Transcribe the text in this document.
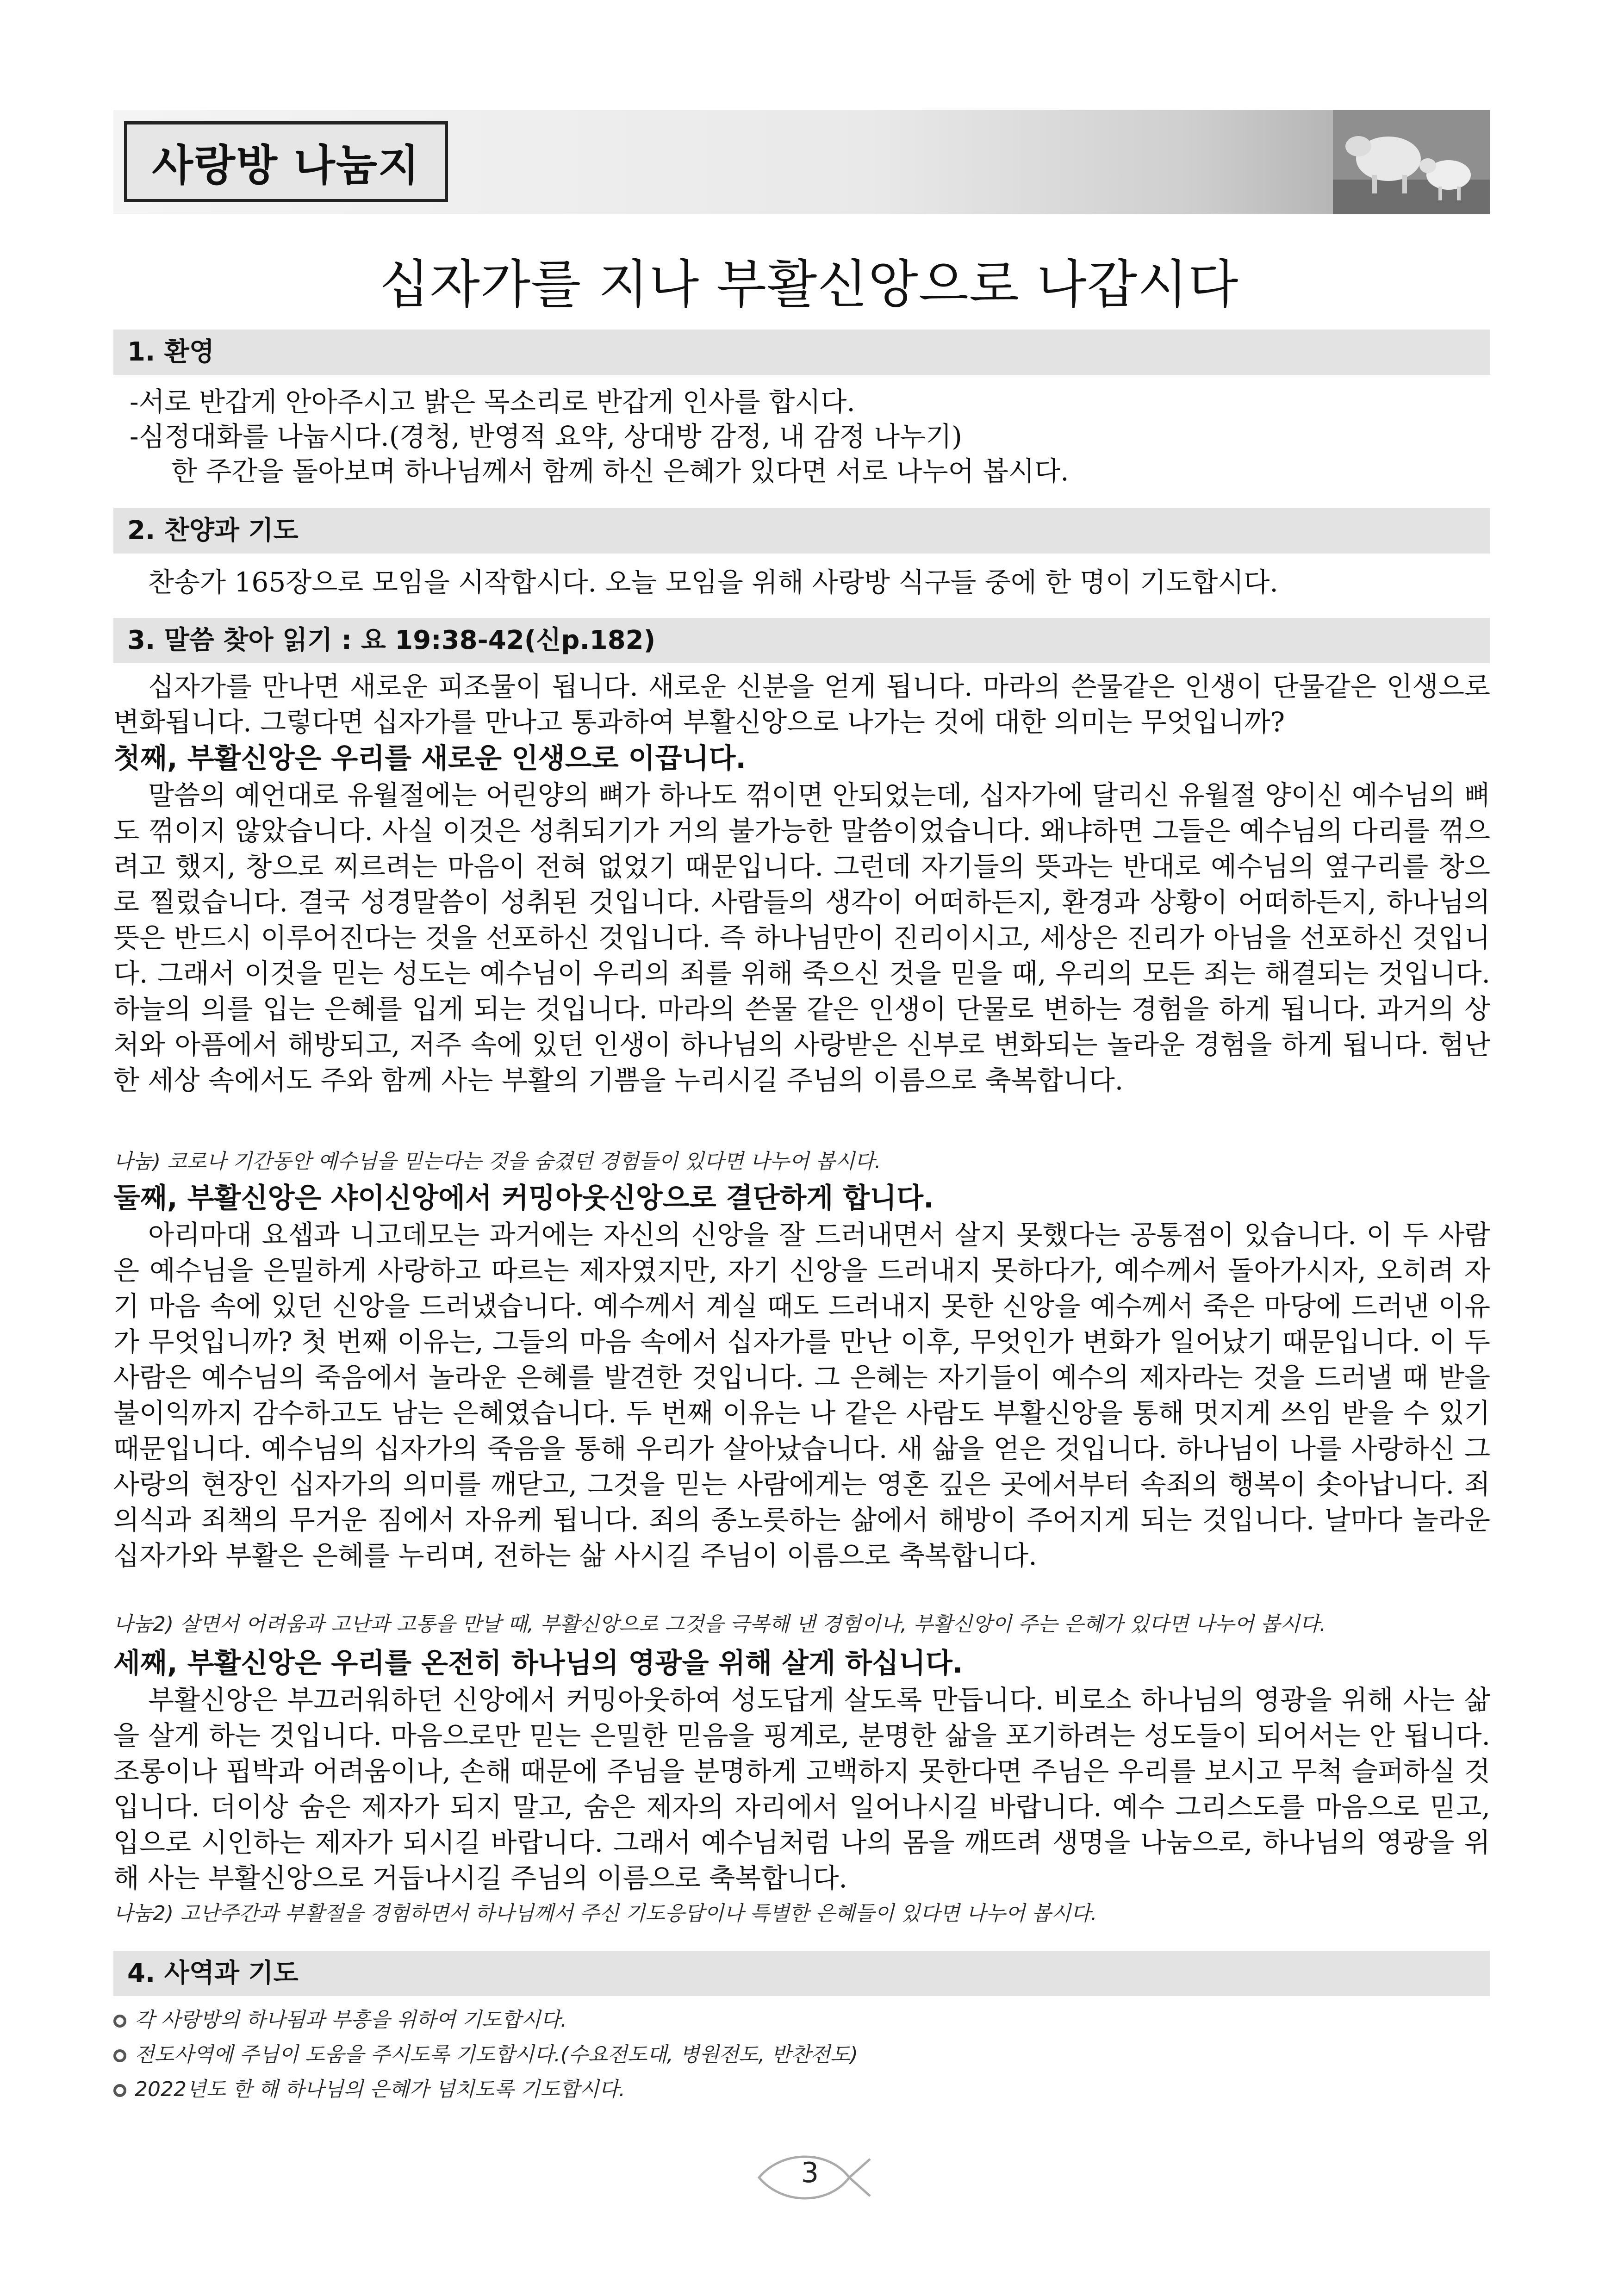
사랑방 나눔지
십자가를 지나 부활신앙으로 나갑시다
1. 환영
-서로 반갑게 안아주시고 밝은 목소리로 반갑게 인사를 합시다.
-심정대화를 나눕시다.(경청, 반영적 요약, 상대방 감정, 내 감정 나누기)
한 주간을 돌아보며 하나님께서 함께 하신 은혜가 있다면 서로 나누어 봅시다.
2. 찬양과 기도
찬송가 165장으로 모임을 시작합시다. 오늘 모임을 위해 사랑방 식구들 중에 한 명이 기도합시다.
3. 말씀 찾아 읽기 : 요 19:38-42(신p.182)

십자가를 만나면 새로운 피조물이 됩니다. 새로운 신분을 얻게 됩니다. 마라의 쓴물같은 인생이 단물같은 인생으로 변화됩니다. 그렇다면 십자가를 만나고 통과하여 부활신앙으로 나가는 것에 대한 의미는 무엇입니까?

첫째, 부활신앙은 우리를 새로운 인생으로 이끕니다.

말씀의 예언대로 유월절에는 어린양의 뼈가 하나도 꺾이면 안되었는데, 십자가에 달리신 유월절 양이신 예수님의 뼈도 꺾이지 않았습니다. 사실 이것은 성취되기가 거의 불가능한 말씀이었습니다. 왜냐하면 그들은 예수님의 다리를 꺾으려고 했지, 창으로 찌르려는 마음이 전혀 없었기 때문입니다. 그런데 자기들의 뜻과는 반대로 예수님의 옆구리를 창으로 찔렀습니다. 결국 성경말씀이 성취된 것입니다. 사람들의 생각이 어떠하든지, 환경과 상황이 어떠하든지, 하나님의 뜻은 반드시 이루어진다는 것을 선포하신 것입니다. 즉 하나님만이 진리이시고, 세상은 진리가 아님을 선포하신 것입니다. 그래서 이것을 믿는 성도는 예수님이 우리의 죄를 위해 죽으신 것을 믿을 때, 우리의 모든 죄는 해결되는 것입니다. 하늘의 의를 입는 은혜를 입게 되는 것입니다. 마라의 쓴물 같은 인생이 단물로 변하는 경험을 하게 됩니다. 과거의 상처와 아픔에서 해방되고, 저주 속에 있던 인생이 하나님의 사랑받은 신부로 변화되는 놀라운 경험을 하게 됩니다. 험난한 세상 속에서도 주와 함께 사는 부활의 기쁨을 누리시길 주님의 이름으로 축복합니다.

나눔) 코로나 기간동안 예수님을 믿는다는 것을 숨겼던 경험들이 있다면 나누어 봅시다.
둘째, 부활신앙은 샤이신앙에서 커밍아웃신앙으로 결단하게 합니다.

아리마대 요셉과 니고데모는 과거에는 자신의 신앙을 잘 드러내면서 살지 못했다는 공통점이 있습니다. 이 두 사람은 예수님을 은밀하게 사랑하고 따르는 제자였지만, 자기 신앙을 드러내지 못하다가, 예수께서 돌아가시자, 오히려 자기 마음 속에 있던 신앙을 드러냈습니다. 예수께서 계실 때도 드러내지 못한 신앙을 예수께서 죽은 마당에 드러낸 이유가 무엇입니까? 첫 번째 이유는, 그들의 마음 속에서 십자가를 만난 이후, 무엇인가 변화가 일어났기 때문입니다. 이 두 사람은 예수님의 죽음에서 놀라운 은혜를 발견한 것입니다. 그 은혜는 자기들이 예수의 제자라는 것을 드러낼 때 받을 불이익까지 감수하고도 남는 은혜였습니다. 두 번째 이유는 나 같은 사람도 부활신앙을 통해 멋지게 쓰임 받을 수 있기 때문입니다. 예수님의 십자가의 죽음을 통해 우리가 살아났습니다. 새 삶을 얻은 것입니다. 하나님이 나를 사랑하신 그 사랑의 현장인 십자가의 의미를 깨닫고, 그것을 믿는 사람에게는 영혼 깊은 곳에서부터 속죄의 행복이 솟아납니다. 죄의식과 죄책의 무거운 짐에서 자유케 됩니다. 죄의 종노릇하는 삶에서 해방이 주어지게 되는 것입니다. 날마다 놀라운 십자가와 부활은 은혜를 누리며, 전하는 삶 사시길 주님이 이름으로 축복합니다.

나눔2) 살면서 어려움과 고난과 고통을 만날 때, 부활신앙으로 그것을 극복해 낸 경험이나, 부활신앙이 주는 은혜가 있다면 나누어 봅시다.
세째, 부활신앙은 우리를 온전히 하나님의 영광을 위해 살게 하십니다.

부활신앙은 부끄러워하던 신앙에서 커밍아웃하여 성도답게 살도록 만듭니다. 비로소 하나님의 영광을 위해 사는 삶을 살게 하는 것입니다. 마음으로만 믿는 은밀한 믿음을 핑계로, 분명한 삶을 포기하려는 성도들이 되어서는 안 됩니다. 조롱이나 핍박과 어려움이나, 손해 때문에 주님을 분명하게 고백하지 못한다면 주님은 우리를 보시고 무척 슬퍼하실 것입니다. 더이상 숨은 제자가 되지 말고, 숨은 제자의 자리에서 일어나시길 바랍니다. 예수 그리스도를 마음으로 믿고, 입으로 시인하는 제자가 되시길 바랍니다. 그래서 예수님처럼 나의 몸을 깨뜨려 생명을 나눔으로, 하나님의 영광을 위해 사는 부활신앙으로 거듭나시길 주님의 이름으로 축복합니다.

나눔2) 고난주간과 부활절을 경험하면서 하나님께서 주신 기도응답이나 특별한 은혜들이 있다면 나누어 봅시다.
4. 사역과 기도
각 사랑방의 하나됨과 부흥을 위하여 기도합시다.
전도사역에 주님이 도움을 주시도록 기도합시다.(수요전도대, 병원전도, 반찬전도)
2022년도 한 해 하나님의 은혜가 넘치도록 기도합시다.
3
